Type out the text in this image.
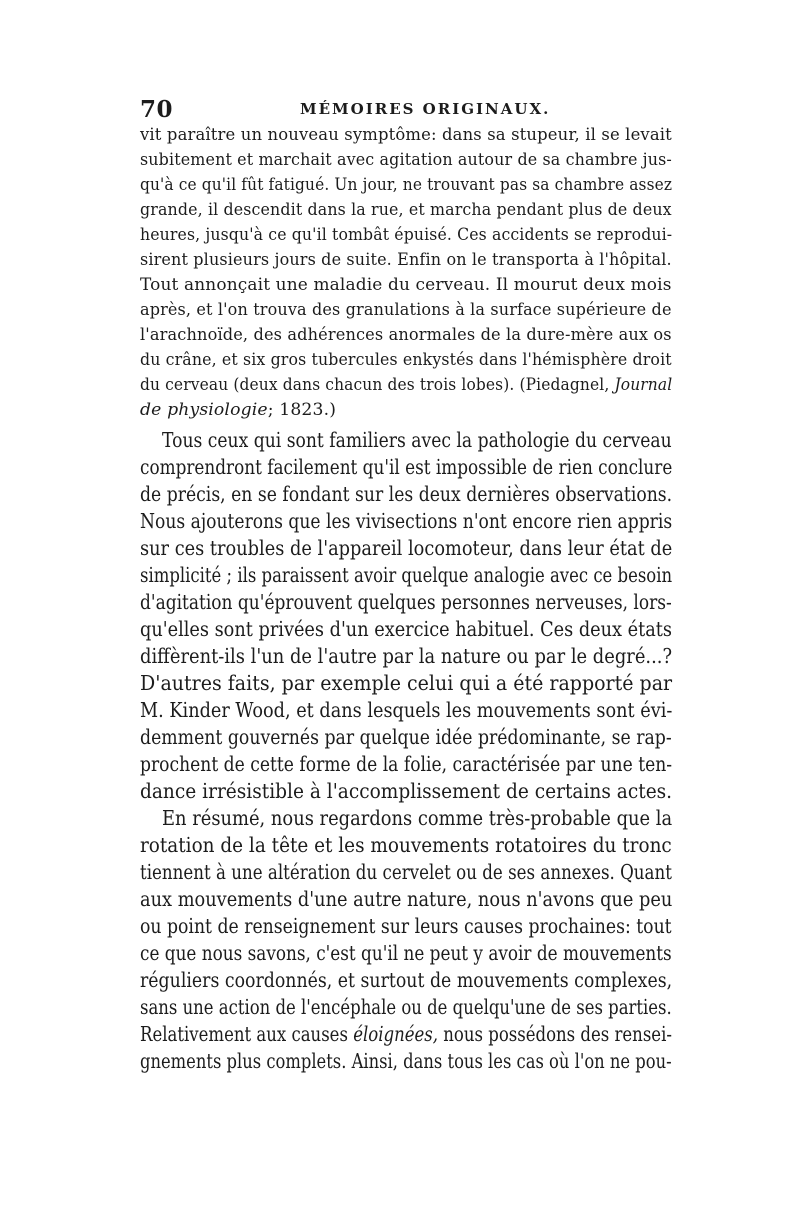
70	MÉMOIRES ORIGINAUX.
vit paraître un nouveau symptôme: dans sa stupeur, il se levait
subitement et marchait avec agitation autour de sa chambre jus-
qu'à ce qu'il fût fatigué. Un jour, ne trouvant pas sa chambre assez
grande, il descendit dans la rue, et marcha pendant plus de deux
heures, jusqu'à ce qu'il tombât épuisé. Ces accidents se reprodui-
sirent plusieurs jours de suite. Enfin on le transporta à l'hôpital.
Tout annonçait une maladie du cerveau. Il mourut deux mois
après, et l'on trouva des granulations à la surface supérieure de
l'arachnoïde, des adhérences anormales de la dure-mère aux os
du crâne, et six gros tubercules enkystés dans l'hémisphère droit
du cerveau (deux dans chacun des trois lobes). (Piedagnel, Journal
de physiologie; 1823.)
Tous ceux qui sont familiers avec la pathologie du cerveau
comprendront facilement qu'il est impossible de rien conclure
de précis, en se fondant sur les deux dernières observations.
Nous ajouterons que les vivisections n'ont encore rien appris
sur ces troubles de l'appareil locomoteur, dans leur état de
simplicité ; ils paraissent avoir quelque analogie avec ce besoin
d'agitation qu'éprouvent quelques personnes nerveuses, lors-
qu'elles sont privées d'un exercice habituel. Ces deux états
diffèrent-ils l'un de l'autre par la nature ou par le degré...?
D'autres faits, par exemple celui qui a été rapporté par
M. Kinder Wood, et dans lesquels les mouvements sont évi-
demment gouvernés par quelque idée prédominante, se rap-
prochent de cette forme de la folie, caractérisée par une ten-
dance irrésistible à l'accomplissement de certains actes.
En résumé, nous regardons comme très-probable que la
rotation de la tête et les mouvements rotatoires du tronc
tiennent à une altération du cervelet ou de ses annexes. Quant
aux mouvements d'une autre nature, nous n'avons que peu
ou point de renseignement sur leurs causes prochaines: tout
ce que nous savons, c'est qu'il ne peut y avoir de mouvements
réguliers coordonnés, et surtout de mouvements complexes,
sans une action de l'encéphale ou de quelqu'une de ses parties.
Relativement aux causes éloignées, nous possédons des rensei-
gnements plus complets. Ainsi, dans tous les cas où l'on ne pou-
